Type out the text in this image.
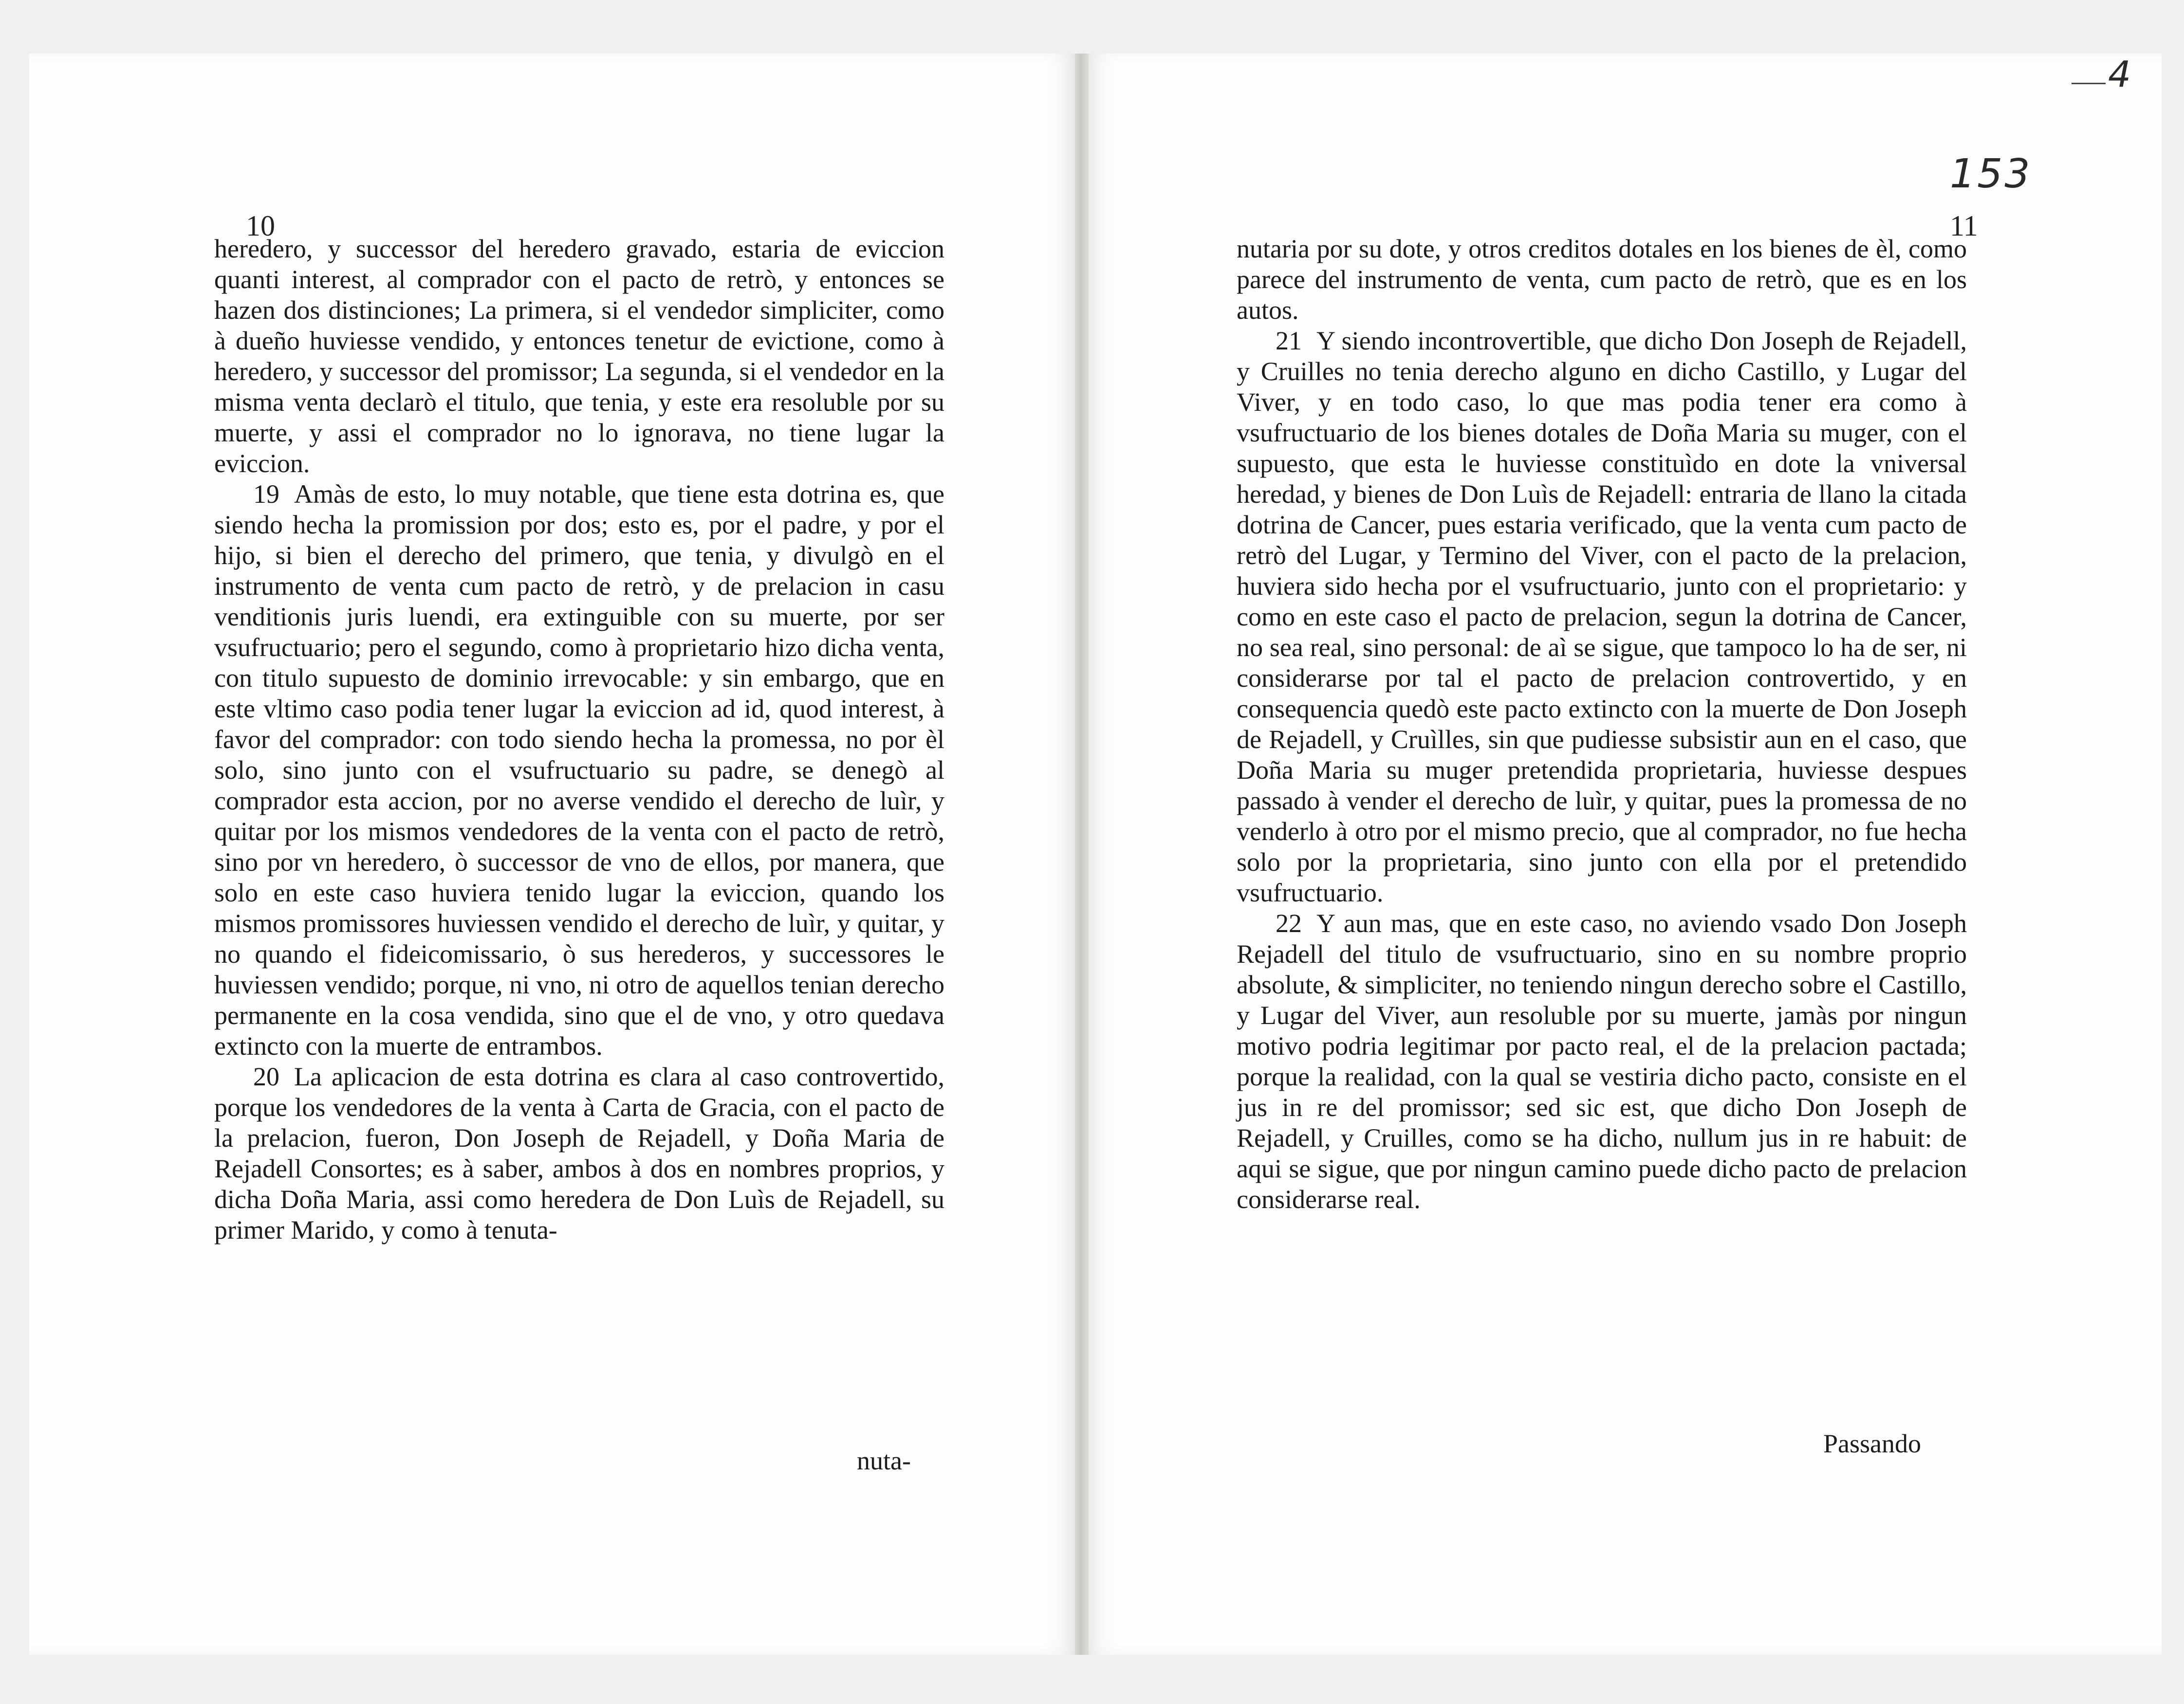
10	11
153
4

heredero, y successor del heredero gravado, estaria de eviccion quanti interest, al comprador con el pacto de retrò, y entonces se hazen dos distinciones; La primera, si el vendedor simpliciter, como à dueño huviesse vendido, y entonces tenetur de evictione, como à heredero, y successor del promissor; La segunda, si el vendedor en la misma venta declarò el titulo, que tenia, y este era resoluble por su muerte, y assi el comprador no lo ignorava, no tiene lugar la eviccion.

19 Amàs de esto, lo muy notable, que tiene esta dotrina es, que siendo hecha la promission por dos; esto es, por el padre, y por el hijo, si bien el derecho del primero, que tenia, y divulgò en el instrumento de venta cum pacto de retrò, y de prelacion in casu venditionis juris luendi, era extinguible con su muerte, por ser vsufructuario; pero el segundo, como à proprietario hizo dicha venta, con titulo supuesto de dominio irrevocable: y sin embargo, que en este vltimo caso podia tener lugar la eviccion ad id, quod interest, à favor del comprador: con todo siendo hecha la promessa, no por èl solo, sino junto con el vsufructuario su padre, se denegò al comprador esta accion, por no averse vendido el derecho de luìr, y quitar por los mismos vendedores de la venta con el pacto de retrò, sino por vn heredero, ò successor de vno de ellos, por manera, que solo en este caso huviera tenido lugar la eviccion, quando los mismos promissores huviessen vendido el derecho de luìr, y quitar, y no quando el fideicomissario, ò sus herederos, y successores le huviessen vendido; porque, ni vno, ni otro de aquellos tenian derecho permanente en la cosa vendida, sino que el de vno, y otro quedava extincto con la muerte de entrambos.

20 La aplicacion de esta dotrina es clara al caso controvertido, porque los vendedores de la venta à Carta de Gracia, con el pacto de la prelacion, fueron, Don Joseph de Rejadell, y Doña Maria de Rejadell Consortes; es à saber, ambos à dos en nombres proprios, y dicha Doña Maria, assi como heredera de Don Luìs de Rejadell, su primer Marido, y como à tenuta-

nuta-

nutaria por su dote, y otros creditos dotales en los bienes de èl, como parece del instrumento de venta, cum pacto de retrò, que es en los autos.

21 Y siendo incontrovertible, que dicho Don Joseph de Rejadell, y Cruilles no tenia derecho alguno en dicho Castillo, y Lugar del Viver, y en todo caso, lo que mas podia tener era como à vsufructuario de los bienes dotales de Doña Maria su muger, con el supuesto, que esta le huviesse constituìdo en dote la vniversal heredad, y bienes de Don Luìs de Rejadell: entraria de llano la citada dotrina de Cancer, pues estaria verificado, que la venta cum pacto de retrò del Lugar, y Termino del Viver, con el pacto de la prelacion, huviera sido hecha por el vsufructuario, junto con el proprietario: y como en este caso el pacto de prelacion, segun la dotrina de Cancer, no sea real, sino personal: de aì se sigue, que tampoco lo ha de ser, ni considerarse por tal el pacto de prelacion controvertido, y en consequencia quedò este pacto extincto con la muerte de Don Joseph de Rejadell, y Cruìlles, sin que pudiesse subsistir aun en el caso, que Doña Maria su muger pretendida proprietaria, huviesse despues passado à vender el derecho de luìr, y quitar, pues la promessa de no venderlo à otro por el mismo precio, que al comprador, no fue hecha solo por la proprietaria, sino junto con ella por el pretendido vsufructuario.

22 Y aun mas, que en este caso, no aviendo vsado Don Joseph Rejadell del titulo de vsufructuario, sino en su nombre proprio absolute, & simpliciter, no teniendo ningun derecho sobre el Castillo, y Lugar del Viver, aun resoluble por su muerte, jamàs por ningun motivo podria legitimar por pacto real, el de la prelacion pactada; porque la realidad, con la qual se vestiria dicho pacto, consiste en el jus in re del promissor; sed sic est, que dicho Don Joseph de Rejadell, y Cruilles, como se ha dicho, nullum jus in re habuit: de aqui se sigue, que por ningun camino puede dicho pacto de prelacion considerarse real.

Passando
